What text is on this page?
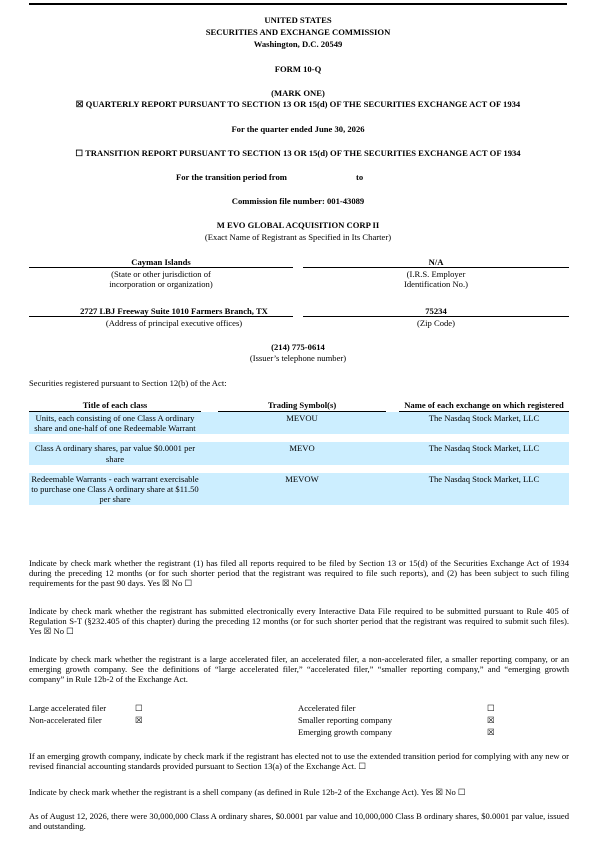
UNITED STATES
SECURITIES AND EXCHANGE COMMISSION
Washington, D.C. 20549
FORM 10-Q
(MARK ONE)
☒ QUARTERLY REPORT PURSUANT TO SECTION 13 OR 15(d) OF THE SECURITIES EXCHANGE ACT OF 1934
For the quarter ended June 30, 2026
☐ TRANSITION REPORT PURSUANT TO SECTION 13 OR 15(d) OF THE SECURITIES EXCHANGE ACT OF 1934
For the transition period from	to
Commission file number: 001-43089
M EVO GLOBAL ACQUISITION CORP II
(Exact Name of Registrant as Specified in Its Charter)
Cayman Islands	N/A
(State or other jurisdiction of
incorporation or organization)
(I.R.S. Employer
Identification No.)
2727 LBJ Freeway Suite 1010 Farmers Branch, TX	75234
(Address of principal executive offices)	(Zip Code)
(214) 775-0614
(Issuer’s telephone number)
Securities registered pursuant to Section 12(b) of the Act:
Title of each class		Trading Symbol(s)		Name of each exchange on which registered
Units, each consisting of one Class A ordinary share and one-half of one Redeemable Warrant		MEVOU		The Nasdaq Stock Market, LLC

Class A ordinary shares, par value $0.0001 per share		MEVO		The Nasdaq Stock Market, LLC

Redeemable Warrants - each warrant exercisable to purchase one Class A ordinary share at $11.50 per share		MEVOW		The Nasdaq Stock Market, LLC
Indicate by check mark whether the registrant (1) has filed all reports required to be filed by Section 13 or 15(d) of the Securities Exchange Act of 1934 during the preceding 12 months (or for such shorter period that the registrant was required to file such reports), and (2) has been subject to such filing requirements for the past 90 days. Yes ☒ No ☐
Indicate by check mark whether the registrant has submitted electronically every Interactive Data File required to be submitted pursuant to Rule 405 of Regulation S-T (§232.405 of this chapter) during the preceding 12 months (or for such shorter period that the registrant was required to submit such files). Yes ☒ No ☐
Indicate by check mark whether the registrant is a large accelerated filer, an accelerated filer, a non-accelerated filer, a smaller reporting company, or an emerging growth company. See the definitions of “large accelerated filer,” “accelerated filer,” “smaller reporting company,” and “emerging growth company” in Rule 12b-2 of the Exchange Act.
Large accelerated filer	☐
Non-accelerated filer	☒
Accelerated filer	☐
Smaller reporting company	☒
Emerging growth company	☒
If an emerging growth company, indicate by check mark if the registrant has elected not to use the extended transition period for complying with any new or revised financial accounting standards provided pursuant to Section 13(a) of the Exchange Act. ☐
Indicate by check mark whether the registrant is a shell company (as defined in Rule 12b-2 of the Exchange Act). Yes ☒ No ☐
As of August 12, 2026, there were 30,000,000 Class A ordinary shares, $0.0001 par value and 10,000,000 Class B ordinary shares, $0.0001 par value, issued and outstanding.
